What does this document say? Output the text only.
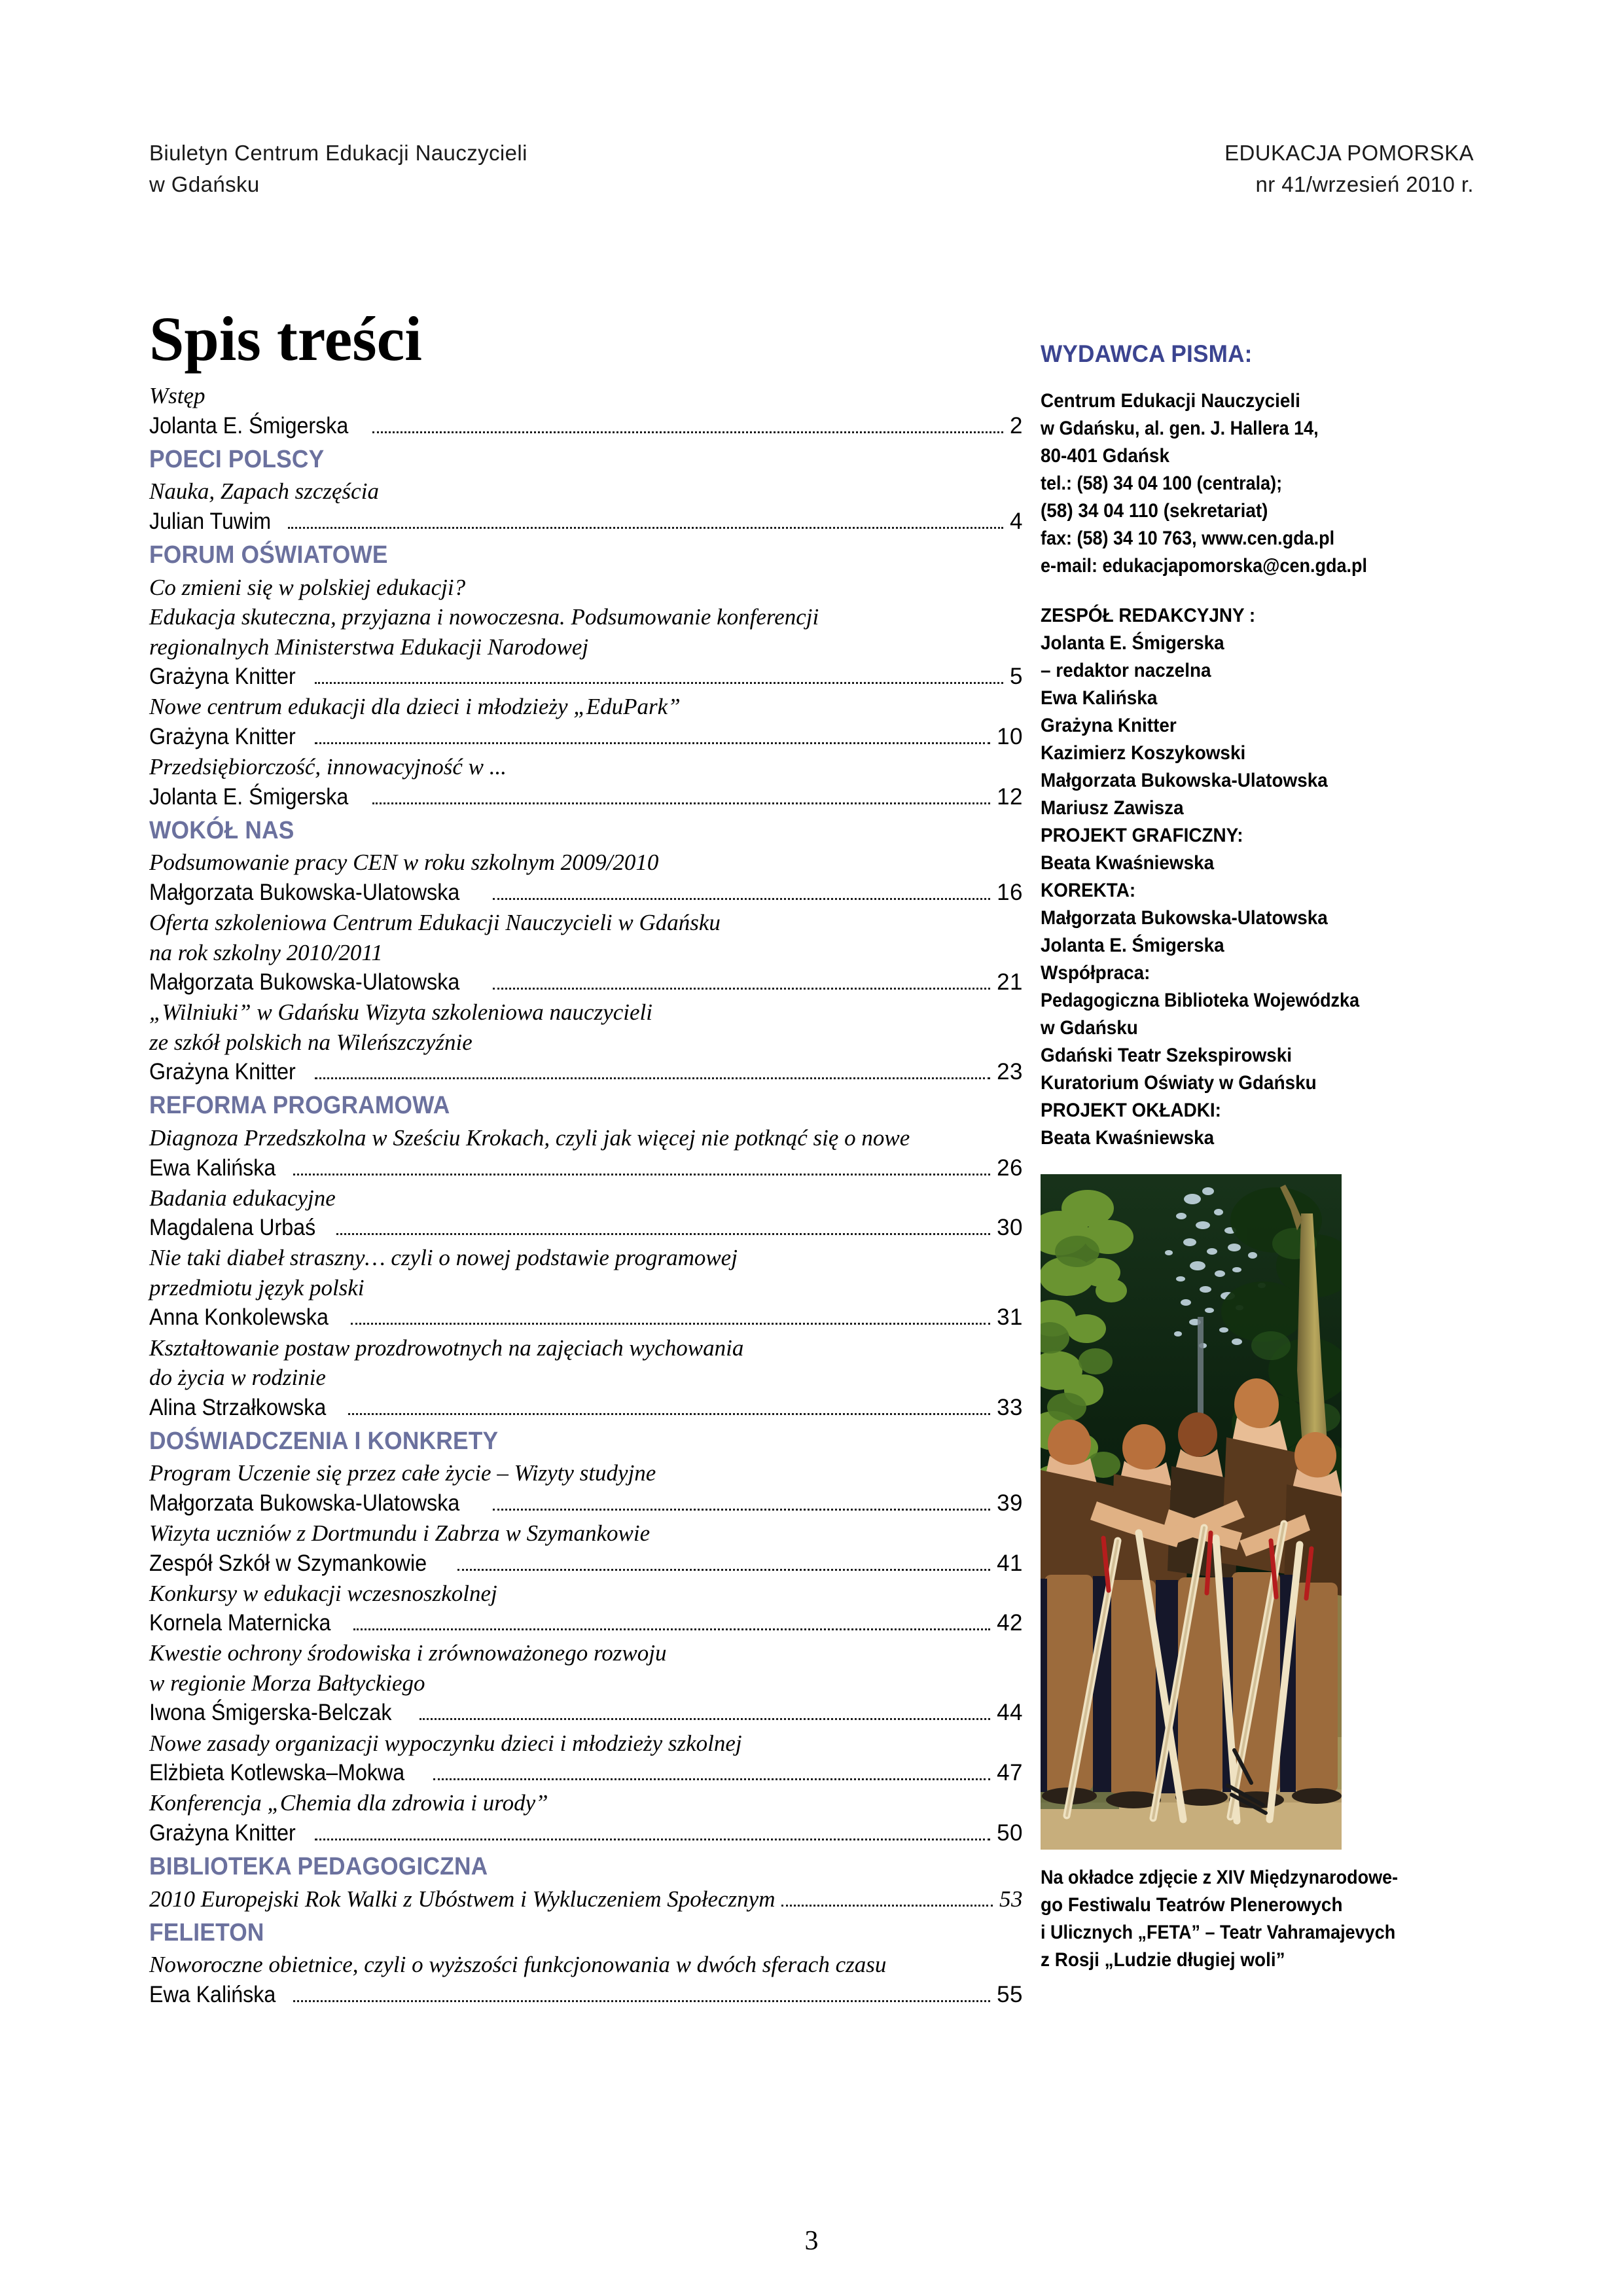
Biuletyn Centrum Edukacji Nauczycieli
w Gdańsku
EDUKACJA POMORSKA
nr 41/wrzesień 2010 r.
Spis treści
Wstęp
Jolanta E. Śmigerska	2
POECI POLSCY
Nauka, Zapach szczęścia
Julian Tuwim	4
FORUM OŚWIATOWE
Co zmieni się w polskiej edukacji?
Edukacja skuteczna, przyjazna i nowoczesna. Podsumowanie konferencji
regionalnych Ministerstwa Edukacji Narodowej
Grażyna Knitter	5
Nowe centrum edukacji dla dzieci i młodzieży „EduPark”
Grażyna Knitter	10
Przedsiębiorczość, innowacyjność w ...
Jolanta E. Śmigerska	12
WOKÓŁ NAS
Podsumowanie pracy CEN w roku szkolnym 2009/2010
Małgorzata Bukowska-Ulatowska	16
Oferta szkoleniowa Centrum Edukacji Nauczycieli w Gdańsku
na rok szkolny 2010/2011
Małgorzata Bukowska-Ulatowska	21
„Wilniuki” w Gdańsku Wizyta szkoleniowa nauczycieli
ze szkół polskich na Wileńszczyźnie
Grażyna Knitter	23
REFORMA PROGRAMOWA
Diagnoza Przedszkolna w Sześciu Krokach, czyli jak więcej nie potknąć się o nowe
Ewa Kalińska	26
Badania edukacyjne
Magdalena Urbaś	30
Nie taki diabeł straszny… czyli o nowej podstawie programowej
przedmiotu język polski
Anna Konkolewska	31
Kształtowanie postaw prozdrowotnych na zajęciach wychowania
do życia w rodzinie
Alina Strzałkowska	33
DOŚWIADCZENIA I KONKRETY
Program Uczenie się przez całe życie – Wizyty studyjne
Małgorzata Bukowska-Ulatowska	39
Wizyta uczniów z Dortmundu i Zabrza w Szymankowie
Zespół Szkół w Szymankowie	41
Konkursy w edukacji wczesnoszkolnej
Kornela Maternicka	42
Kwestie ochrony środowiska i zrównoważonego rozwoju
w regionie Morza Bałtyckiego
Iwona Śmigerska-Belczak	44
Nowe zasady organizacji wypoczynku dzieci i młodzieży szkolnej
Elżbieta Kotlewska–Mokwa	47
Konferencja „Chemia dla zdrowia i urody”
Grażyna Knitter	50
BIBLIOTEKA PEDAGOGICZNA
2010 Europejski Rok Walki z Ubóstwem i Wykluczeniem Społecznym	53
FELIETON
Noworoczne obietnice, czyli o wyższości funkcjonowania w dwóch sferach czasu
Ewa Kalińska	55
WYDAWCA PISMA:
Centrum Edukacji Nauczycieli
w Gdańsku, al. gen. J. Hallera 14,
80-401 Gdańsk
tel.: (58) 34 04 100 (centrala);
(58) 34 04 110 (sekretariat)
fax: (58) 34 10 763, www.cen.gda.pl
e-mail: edukacjapomorska@cen.gda.pl
ZESPÓŁ REDAKCYJNY :
Jolanta E. Śmigerska
– redaktor naczelna
Ewa Kalińska
Grażyna Knitter
Kazimierz Koszykowski
Małgorzata Bukowska-Ulatowska
Mariusz Zawisza
PROJEKT GRAFICZNY:
Beata Kwaśniewska
KOREKTA:
Małgorzata Bukowska-Ulatowska
Jolanta E. Śmigerska
Współpraca:
Pedagogiczna Biblioteka Wojewódzka
w Gdańsku
Gdański Teatr Szekspirowski
Kuratorium Oświaty w Gdańsku
PROJEKT OKŁADKI:
Beata Kwaśniewska
Na okładce zdjęcie z XIV Międzynarodowe-
go Festiwalu Teatrów Plenerowych
i Ulicznych „FETA” – Teatr Vahramajevych
z Rosji „Ludzie długiej woli”
3
